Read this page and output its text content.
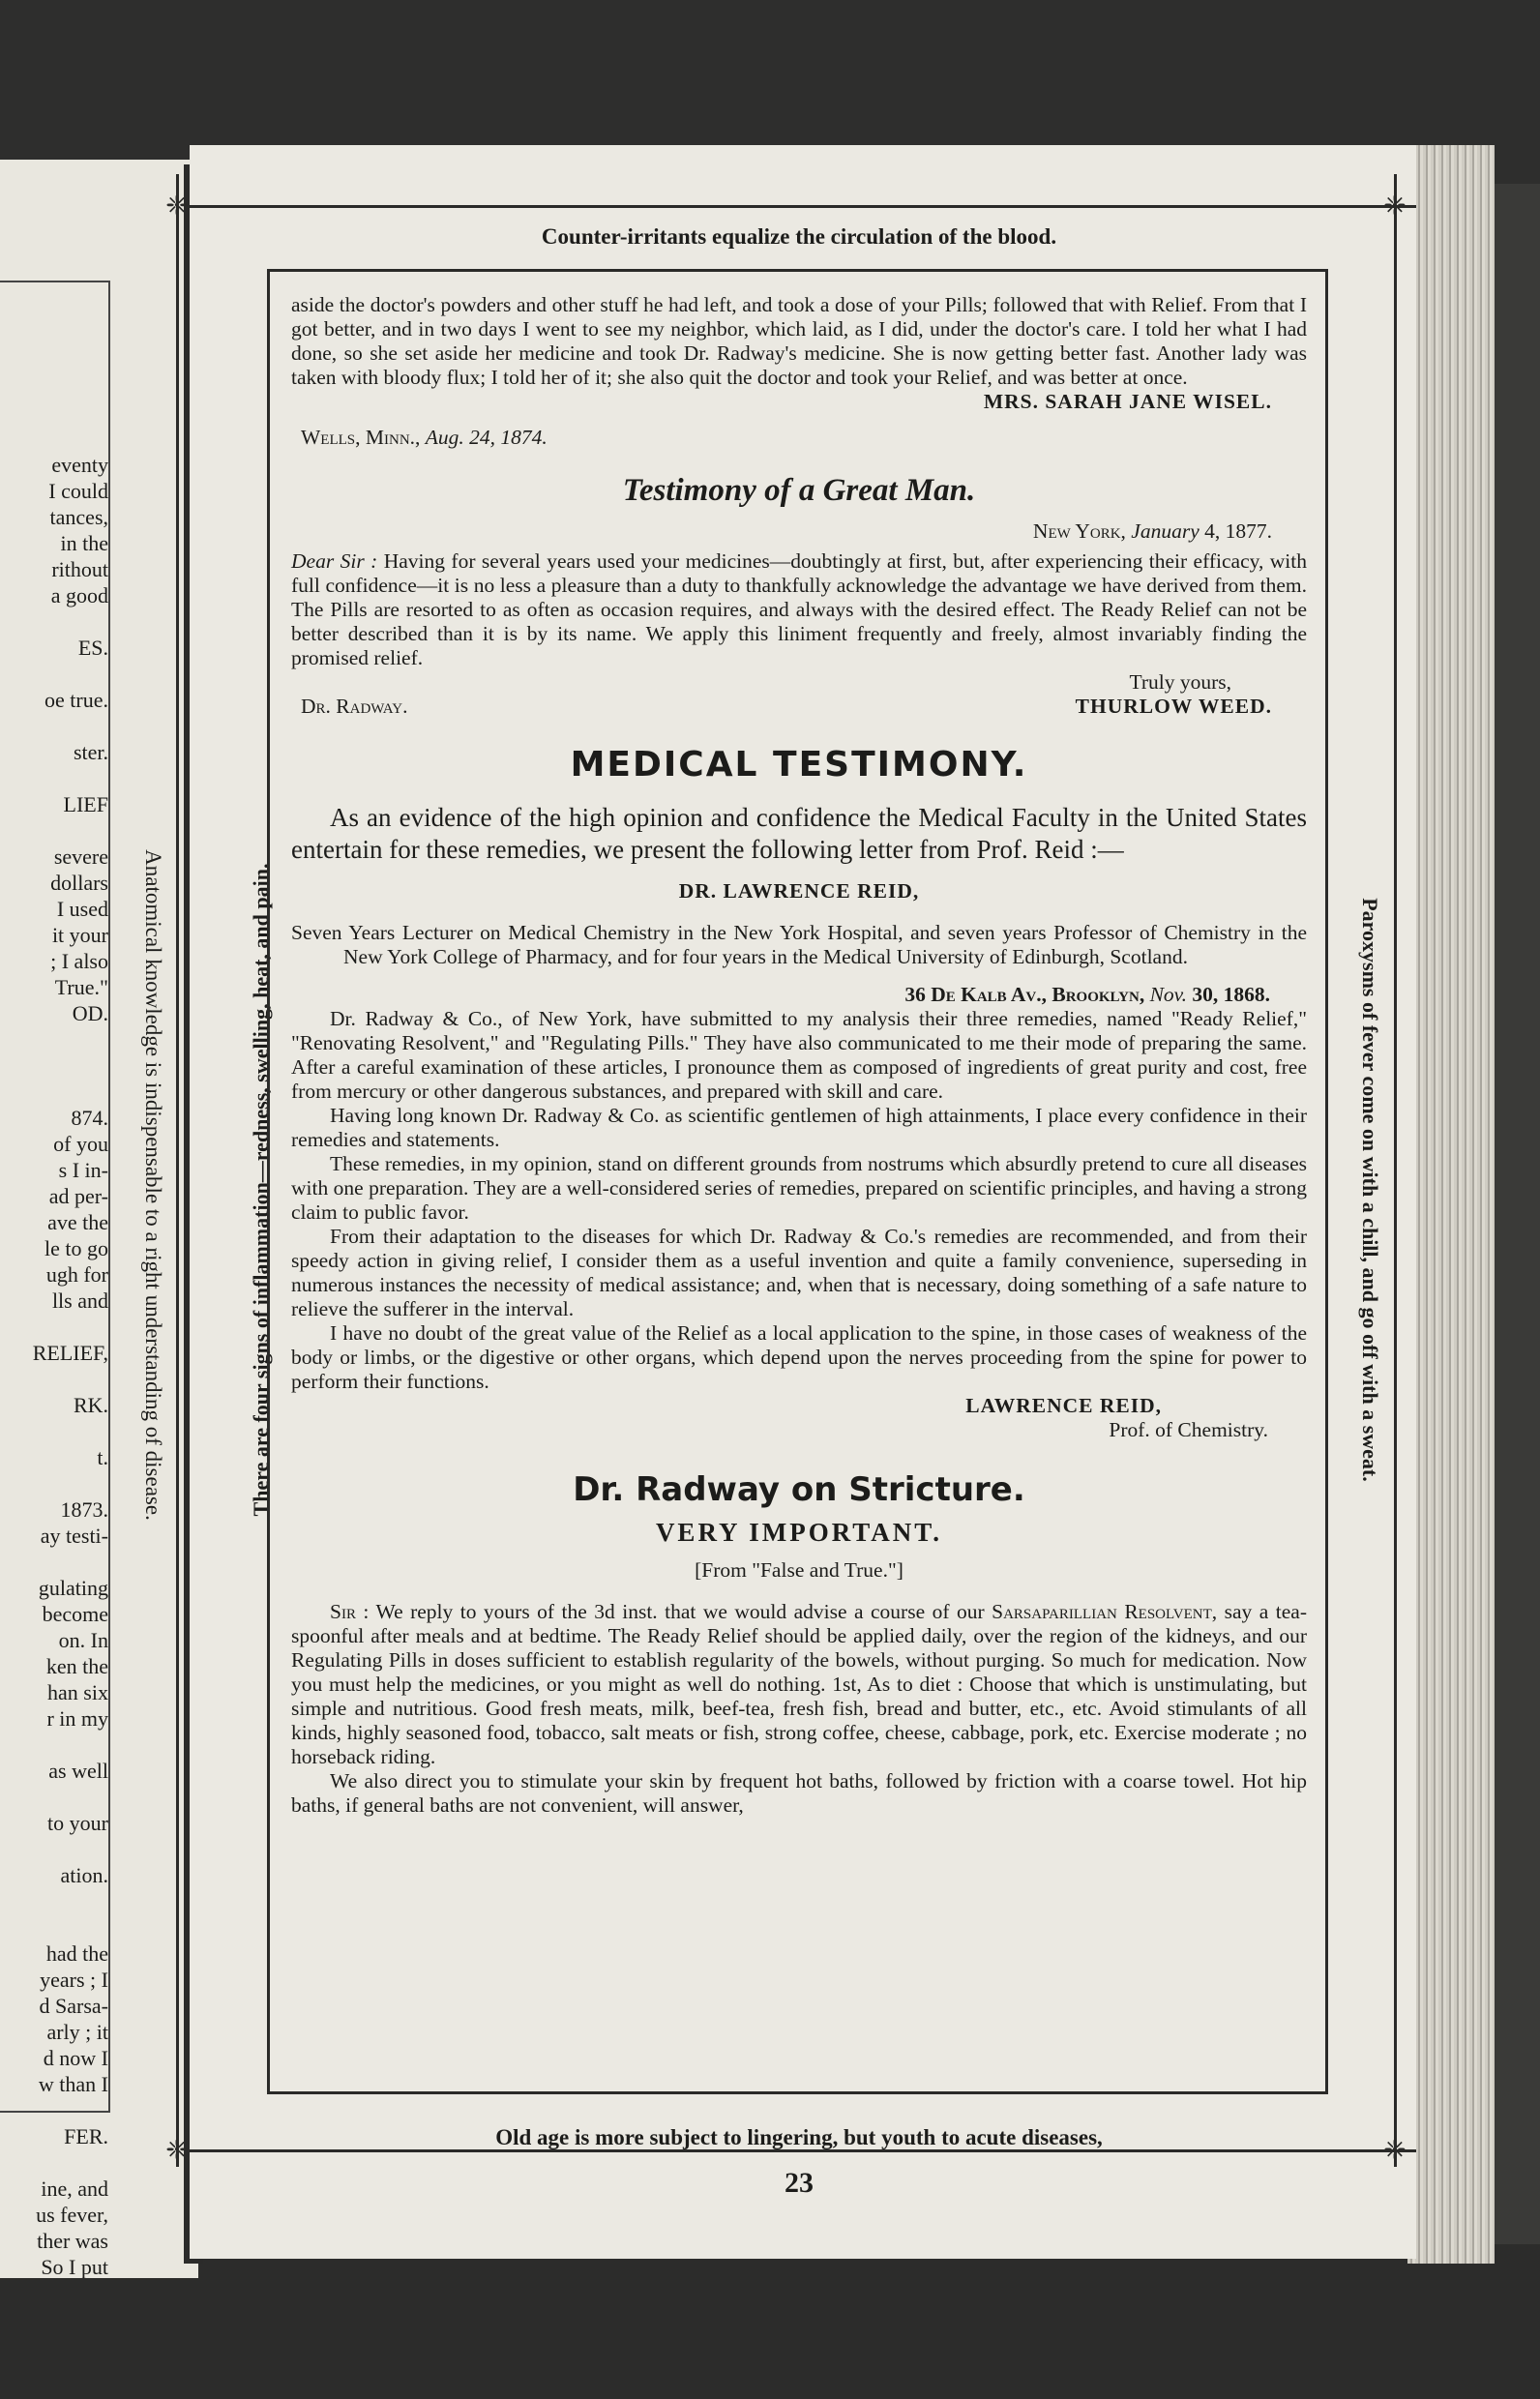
eventy
I could
tances,
in the
rithout
a good
ES.
oe true.
ster.
LIEF
severe
dollars
I used
it your
; I also
True."
OD.
874.
of you
s I in-
ad per-
ave the
le to go
ugh for
lls and
RELIEF,
RK.
t.
1873.
ay testi-
gulating
become
on. In
ken the
han six
r in my
as well
to your
ation.
had the
years ; I
d Sarsa-
arly ; it
d now I
w than I
FER.
ine, and
us fever,
ther was
So I put
Anatomical knowledge is indispensable to a right understanding of disease.
❈	❈
❈	❈
Counter-irritants equalize the circulation of the blood.
There are four signs of inflammation—redness, swelling, heat, and pain.	Paroxysms of fever come on with a chill, and go off with a sweat.

aside the doctor's powders and other stuff he had left, and took a dose of your Pills; followed that with Relief. From that I got better, and in two days I went to see my neighbor, which laid, as I did, under the doctor's care. I told her what I had done, so she set aside her medicine and took Dr. Radway's medicine. She is now getting better fast. Another lady was taken with bloody flux; I told her of it; she also quit the doctor and took your Relief, and was better at once.

MRS. SARAH JANE WISEL.

Wells, Minn., Aug. 24, 1874.

Testimony of a Great Man.

New York, January 4, 1877.

Dear Sir : Having for several years used your medicines—doubtingly at first, but, after experiencing their efficacy, with full confidence—it is no less a pleasure than a duty to thankfully acknowledge the advantage we have derived from them. The Pills are resorted to as often as occasion requires, and always with the desired effect. The Ready Relief can not be better described than it is by its name. We apply this liniment frequently and freely, almost invariably finding the promised relief.

Truly yours,

Dr. Radway.	THURLOW WEED.

MEDICAL TESTIMONY.

As an evidence of the high opinion and confidence the Medical Faculty in the United States entertain for these remedies, we present the following letter from Prof. Reid :—

DR. LAWRENCE REID,

Seven Years Lecturer on Medical Chemistry in the New York Hospital, and seven years Professor of Chemistry in the New York College of Pharmacy, and for four years in the Medical University of Edinburgh, Scotland.

36 De Kalb Av., Brooklyn, Nov. 30, 1868.

Dr. Radway & Co., of New York, have submitted to my analysis their three remedies, named "Ready Relief," "Renovating Resolvent," and "Regulating Pills." They have also communicated to me their mode of preparing the same. After a careful examination of these articles, I pronounce them as composed of ingredients of great purity and cost, free from mercury or other dangerous substances, and prepared with skill and care.

Having long known Dr. Radway & Co. as scientific gentlemen of high attainments, I place every confidence in their remedies and statements.

These remedies, in my opinion, stand on different grounds from nostrums which absurdly pretend to cure all diseases with one preparation. They are a well-considered series of remedies, prepared on scientific principles, and having a strong claim to public favor.

From their adaptation to the diseases for which Dr. Radway & Co.'s remedies are recommended, and from their speedy action in giving relief, I consider them as a useful invention and quite a family convenience, superseding in numerous instances the necessity of medical assistance; and, when that is necessary, doing something of a safe nature to relieve the sufferer in the interval.

I have no doubt of the great value of the Relief as a local application to the spine, in those cases of weakness of the body or limbs, or the digestive or other organs, which depend upon the nerves proceeding from the spine for power to perform their functions.

LAWRENCE REID,

Prof. of Chemistry.

Dr. Radway on Stricture.

VERY IMPORTANT.

[From "False and True."]

Sir : We reply to yours of the 3d inst. that we would advise a course of our Sarsaparillian Resolvent, say a tea-spoonful after meals and at bedtime. The Ready Relief should be applied daily, over the region of the kidneys, and our Regulating Pills in doses sufficient to establish regularity of the bowels, without purging. So much for medication. Now you must help the medicines, or you might as well do nothing. 1st, As to diet : Choose that which is unstimulating, but simple and nutritious. Good fresh meats, milk, beef-tea, fresh fish, bread and butter, etc., etc. Avoid stimulants of all kinds, highly seasoned food, tobacco, salt meats or fish, strong coffee, cheese, cabbage, pork, etc. Exercise moderate ; no horseback riding.

We also direct you to stimulate your skin by frequent hot baths, followed by friction with a coarse towel. Hot hip baths, if general baths are not convenient, will answer,

Old age is more subject to lingering, but youth to acute diseases,
23
